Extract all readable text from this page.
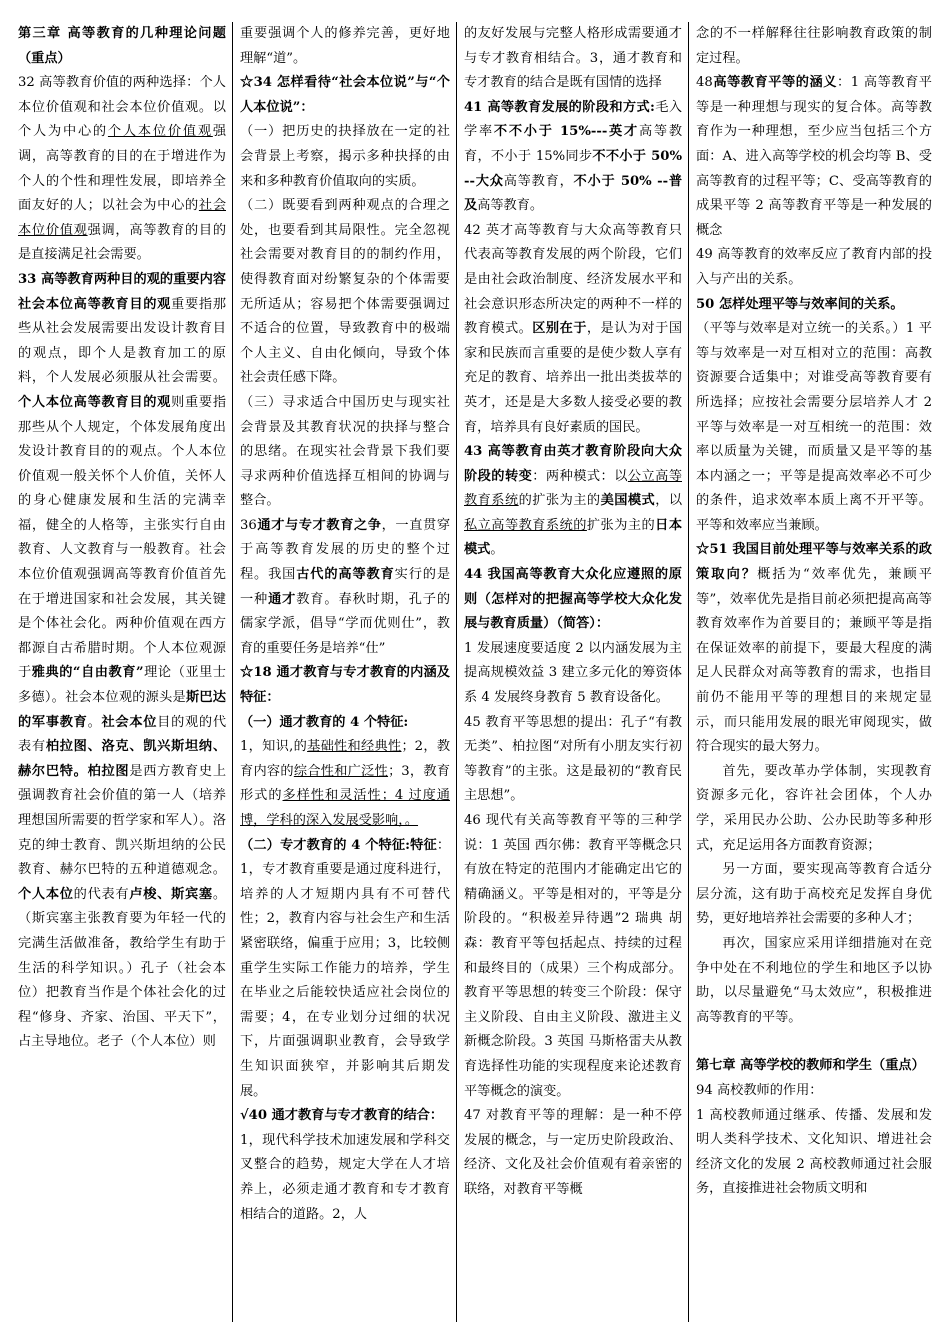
第三章 高等教育的几种理论问题（重点）

32 高等教育价值的两种选择：个人本位价值观和社会本位价值观。以个人为中心的个人本位价值观强调，高等教育的目的在于增进作为个人的个性和理性发展，即培养全面友好的人；以社会为中心的社会本位价值观强调，高等教育的目的是直接满足社会需要。

33 高等教育两种目的观的重要内容社会本位高等教育目的观重要指那些从社会发展需要出发设计教育目的观点，即个人是教育加工的原料，个人发展必须服从社会需要。个人本位高等教育目的观则重要指那些从个人规定，个体发展角度出发设计教育目的的观点。个人本位价值观一般关怀个人价值，关怀人的身心健康发展和生活的完满幸福，健全的人格等，主张实行自由教育、人文教育与一般教育。社会本位价值观强调高等教育价值首先在于增进国家和社会发展，其关键是个体社会化。两种价值观在西方都源自古希腊时期。个人本位观源于雅典的“自由教育”理论（亚里士多德）。社会本位观的源头是斯巴达的军事教育。社会本位目的观的代表有柏拉图、洛克、凯兴斯坦纳、赫尔巴特。柏拉图是西方教育史上强调教育社会价值的第一人（培养理想国所需要的哲学家和军人）。洛克的绅士教育、凯兴斯坦纳的公民教育、赫尔巴特的五种道德观念。个人本位的代表有卢梭、斯宾塞。（斯宾塞主张教育要为年轻一代的完满生活做准备，教给学生有助于生活的科学知识。）孔子（社会本位）把教育当作是个体社会化的过程“修身、齐家、治国、平天下”，占主导地位。老子（个人本位）则

重要强调个人的修养完善，更好地理解“道”。

☆34 怎样看待“社会本位说”与“个人本位说”：

（一）把历史的抉择放在一定的社会背景上考察，揭示多种抉择的由来和多种教育价值取向的实质。

（二）既要看到两种观点的合理之处，也要看到其局限性。完全忽视社会需要对教育目的的制约作用，使得教育面对纷繁复杂的个体需要无所适从；容易把个体需要强调过不适合的位置，导致教育中的极端个人主义、自由化倾向，导致个体社会责任感下降。

（三）寻求适合中国历史与现实社会背景及其教育状况的抉择与整合的思绪。在现实社会背景下我们要寻求两种价值选择互相间的协调与整合。

36通才与专才教育之争，一直贯穿于高等教育发展的历史的整个过程。我国古代的高等教育实行的是一种通才教育。春秋时期，孔子的儒家学派，倡导“学而优则仕”，教育的重要任务是培养“仕”

☆18 通才教育与专才教育的内涵及特征：

（一）通才教育的 4 个特征:

1，知识,的基础性和经典性；2，教育内容的综合性和广泛性；3，教育形式的多样性和灵活性；4 过度通博，学科的深入发展受影响，。

（二）专才教育的 4 个特征:特征：1，专才教育重要是通过度科进行，培养的人才短期内具有不可替代性；2，教育内容与社会生产和生活紧密联络，偏重于应用；3，比较侧重学生实际工作能力的培养，学生在毕业之后能较快适应社会岗位的需要；4，在专业划分过细的状况下，片面强调职业教育，会导致学生知识面狭窄，并影响其后期发展。

√40 通才教育与专才教育的结合：

1，现代科学技术加速发展和学科交叉整合的趋势，规定大学在人才培养上，必须走通才教育和专才教育相结合的道路。2，人

的友好发展与完整人格形成需要通才与专才教育相结合。3，通才教育和专才教育的结合是既有国情的选择

41 高等教育发展的阶段和方式:毛入学率不不小于 15%---英才高等教育，不小于 15%同步不不小于 50% --大众高等教育，不小于 50% --普及高等教育。

42 英才高等教育与大众高等教育只代表高等教育发展的两个阶段，它们是由社会政治制度、经济发展水平和社会意识形态所决定的两种不一样的教育模式。区别在于，是认为对于国家和民族而言重要的是使少数人享有充足的教育、培养出一批出类拔萃的英才，还是是大多数人接受必要的教育，培养具有良好素质的国民。

43 高等教育由英才教育阶段向大众阶段的转变：两种模式：以公立高等教育系统的扩张为主的美国模式，以私立高等教育系统的扩张为主的日本模式。

44 我国高等教育大众化应遵照的原则（怎样对的把握高等学校大众化发展与教育质量）（简答）：

1 发展速度要适度 2 以内涵发展为主提高规模效益 3 建立多元化的筹资体系 4 发展终身教育 5 教育设备化。

45 教育平等思想的提出：孔子“有教无类”、柏拉图“对所有小朋友实行初等教育”的主张。这是最初的“教育民主思想”。

46 现代有关高等教育平等的三种学说：1 英国 西尔佛：教育平等概念只有放在特定的范围内才能确定出它的精确涵义。平等是相对的，平等是分阶段的。“积极差异待遇”2 瑞典 胡森：教育平等包括起点、持续的过程和最终目的（成果）三个构成部分。教育平等思想的转变三个阶段：保守主义阶段、自由主义阶段、激进主义新概念阶段。3 英国 马斯格雷夫从教育选择性功能的实现程度来论述教育平等概念的演变。

47 对教育平等的理解：是一种不停发展的概念，与一定历史阶段政治、经济、文化及社会价值观有着亲密的联络，对教育平等概

念的不一样解释往往影响教育政策的制定过程。

48高等教育平等的涵义：1 高等教育平等是一种理想与现实的复合体。高等教育作为一种理想，至少应当包括三个方面：A、进入高等学校的机会均等 B、受高等教育的过程平等；C、受高等教育的成果平等 2 高等教育平等是一种发展的概念

49 高等教育的效率反应了教育内部的投入与产出的关系。

50 怎样处理平等与效率间的关系。

（平等与效率是对立统一的关系。）1 平等与效率是一对互相对立的范围：高教资源要合适集中；对谁受高等教育要有所选择；应按社会需要分层培养人才 2 平等与效率是一对互相统一的范围：效率以质量为关键，而质量又是平等的基本内涵之一；平等是提高效率必不可少的条件，追求效率本质上离不开平等。平等和效率应当兼顾。

☆51 我国目前处理平等与效率关系的政策取向？概括为“效率优先，兼顾平等”，效率优先是指目前必须把提高高等教育效率作为首要目的；兼顾平等是指在保证效率的前提下，要最大程度的满足人民群众对高等教育的需求，也指目前仍不能用平等的理想目的来规定显示，而只能用发展的眼光审阅现实，做符合现实的最大努力。

首先，要改革办学体制，实现教育资源多元化，容许社会团体，个人办学，采用民办公助、公办民助等多种形式，充足运用各方面教育资源；

另一方面，要实现高等教育合适分层分流，这有助于高校充足发挥自身优势，更好地培养社会需要的多种人才；

再次，国家应采用详细措施对在竞争中处在不利地位的学生和地区予以协助，以尽量避免“马太效应”，积极推进高等教育的平等。

第七章 高等学校的教师和学生（重点）

94 高校教师的作用：

1 高校教师通过继承、传播、发展和发明人类科学技术、文化知识、增进社会经济文化的发展 2 高校教师通过社会服务，直接推进社会物质文明和
